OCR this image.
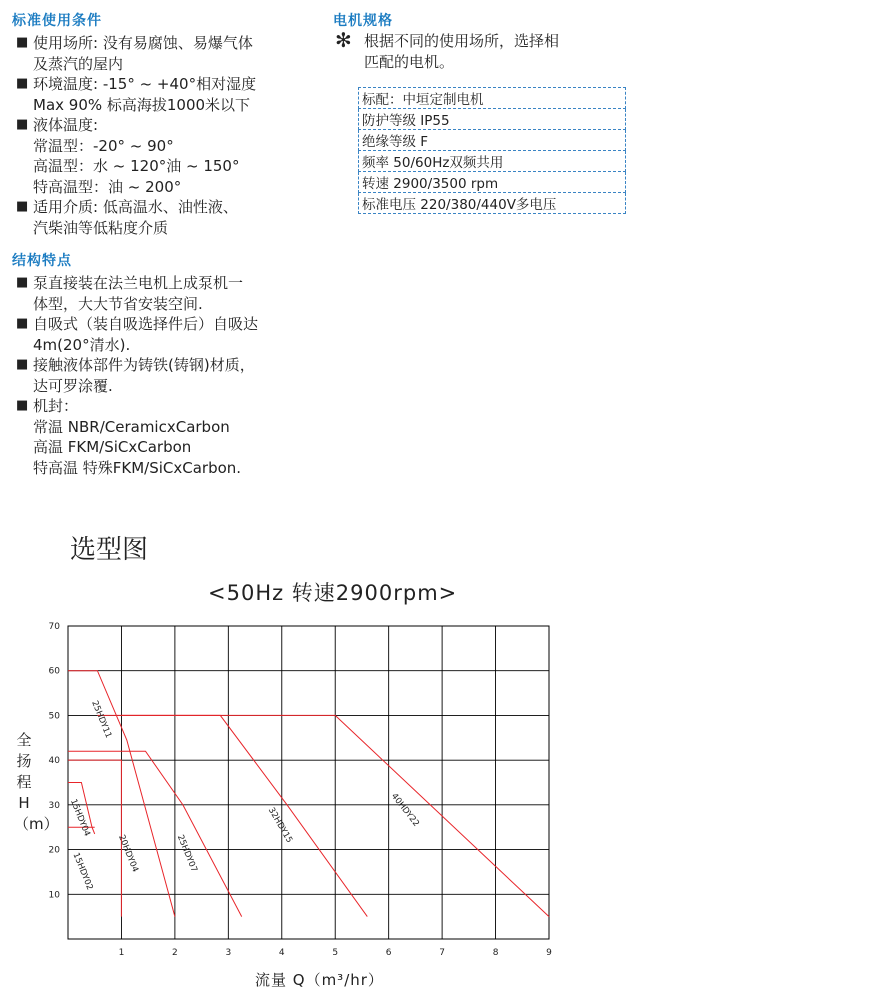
标准使用条件
■ 使用场所: 没有易腐蚀、易爆气体
及蒸汽的屋内
■ 环境温度: -15° ~ +40°相对湿度
Max 90% 标高海拔1000米以下
■ 液体温度:
常温型：-20° ~ 90°
高温型：水 ~ 120°油 ~ 150°
特高温型：油 ~ 200°
■ 适用介质: 低高温水、油性液、
汽柴油等低粘度介质
结构特点
■ 泵直接装在法兰电机上成泵机一
体型，大大节省安装空间.
■ 自吸式（装自吸选择件后）自吸达
4m(20°清水).
■ 接触液体部件为铸铁(铸钢)材质，
达可罗涂覆.
■ 机封：
常温 NBR/CeramicxCarbon
高温 FKM/SiCxCarbon
特高温 特殊FKM/SiCxCarbon.
电机规格
✻ 根据不同的使用场所，选择相
匹配的电机。
标配：中垣定制电机
防护等级 IP55
绝缘等级 F
频率 50/60Hz双频共用
转速 2900/3500 rpm
标准电压 220/380/440V多电压
选型图
<50Hz 转速2900rpm>
1	2	3	4	5	6	7	8	9
10
20
30
40
50
60
70
25HDY11
15HDY04
20HDY04	25HDY07
15HDY02
32HDY15	40HDY22
流量 Q（m³/hr）
全扬程 H（m）
